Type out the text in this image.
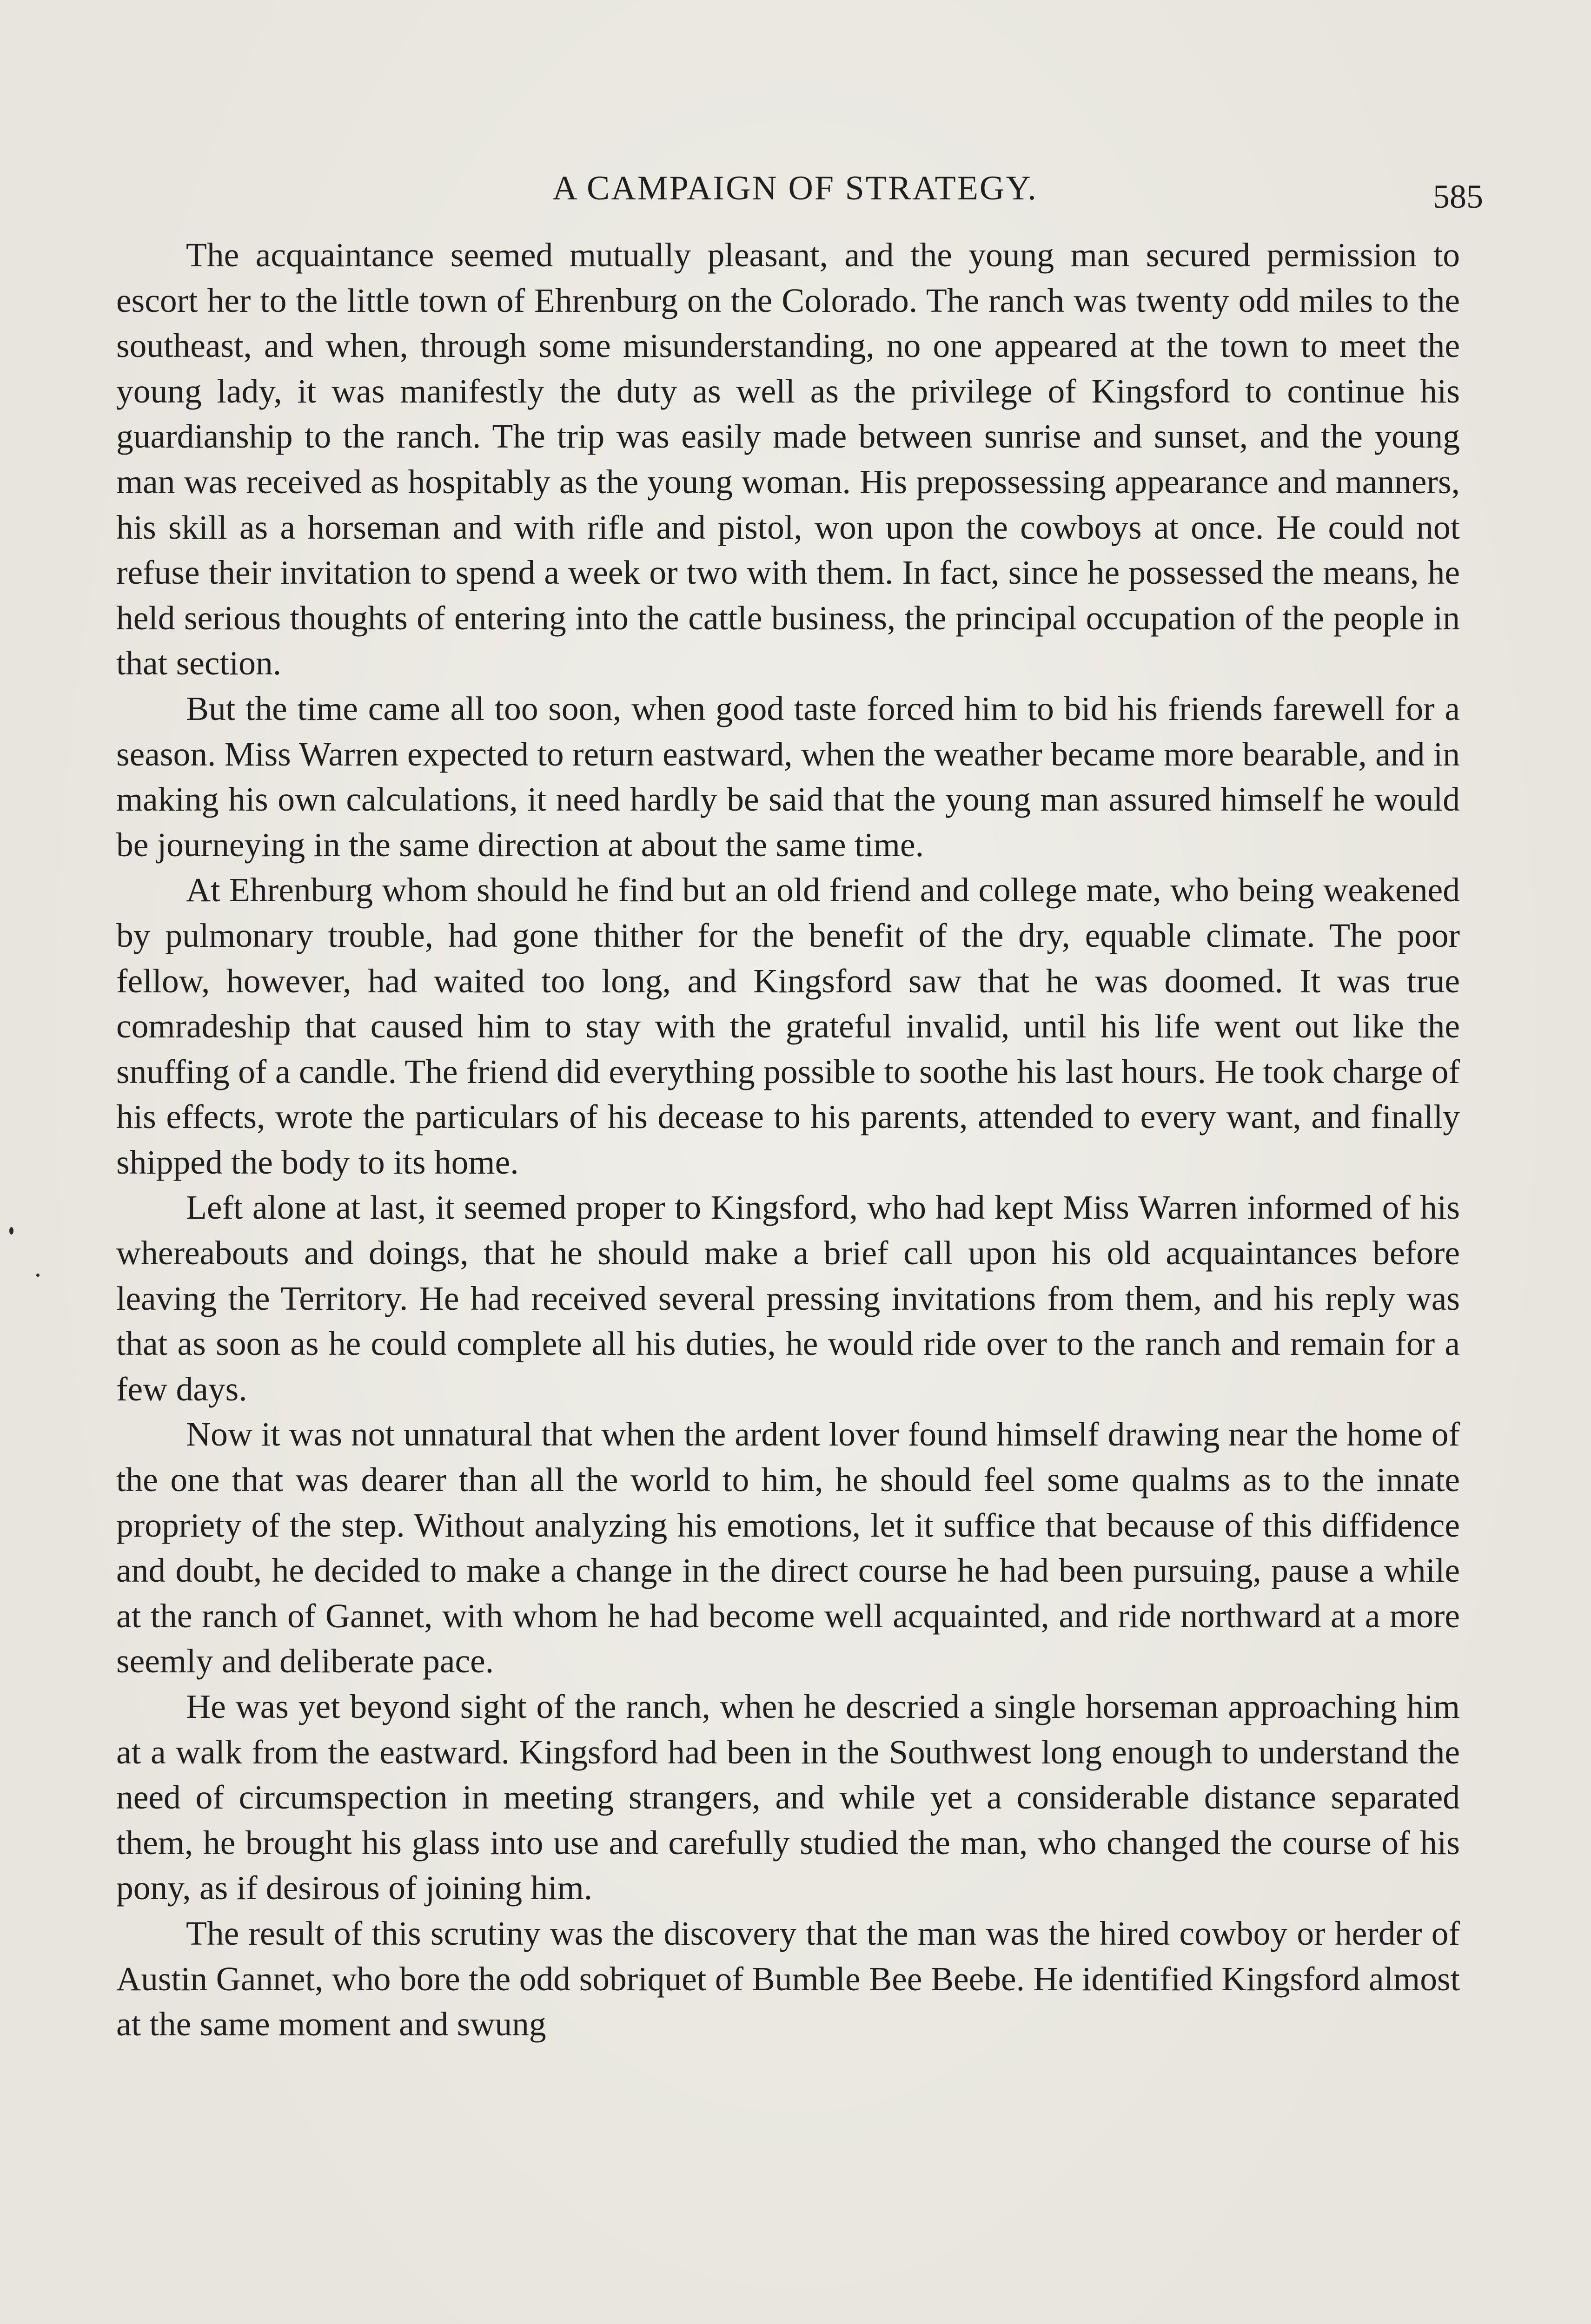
A CAMPAIGN OF STRATEGY.	585

The acquaintance seemed mutually pleasant, and the young man secured permission to escort her to the little town of Ehrenburg on the Colorado. The ranch was twenty odd miles to the southeast, and when, through some misunderstanding, no one appeared at the town to meet the young lady, it was manifestly the duty as well as the privilege of Kingsford to continue his guardianship to the ranch. The trip was easily made between sunrise and sunset, and the young man was received as hospitably as the young woman. His prepossessing appearance and manners, his skill as a horseman and with rifle and pistol, won upon the cowboys at once. He could not refuse their invitation to spend a week or two with them. In fact, since he possessed the means, he held serious thoughts of entering into the cattle business, the principal occupation of the people in that section.

But the time came all too soon, when good taste forced him to bid his friends farewell for a season. Miss Warren expected to return eastward, when the weather became more bearable, and in making his own calculations, it need hardly be said that the young man assured himself he would be journeying in the same direction at about the same time.

At Ehrenburg whom should he find but an old friend and college mate, who being weakened by pulmonary trouble, had gone thither for the benefit of the dry, equable climate. The poor fellow, however, had waited too long, and Kingsford saw that he was doomed. It was true comradeship that caused him to stay with the grateful invalid, until his life went out like the snuffing of a candle. The friend did everything possible to soothe his last hours. He took charge of his effects, wrote the particulars of his decease to his parents, attended to every want, and finally shipped the body to its home.

Left alone at last, it seemed proper to Kingsford, who had kept Miss Warren informed of his whereabouts and doings, that he should make a brief call upon his old acquaintances before leaving the Territory. He had received several pressing invitations from them, and his reply was that as soon as he could complete all his duties, he would ride over to the ranch and remain for a few days.

Now it was not unnatural that when the ardent lover found himself drawing near the home of the one that was dearer than all the world to him, he should feel some qualms as to the innate propriety of the step. Without analyzing his emotions, let it suffice that because of this diffidence and doubt, he decided to make a change in the direct course he had been pursuing, pause a while at the ranch of Gannet, with whom he had become well acquainted, and ride northward at a more seemly and deliberate pace.

He was yet beyond sight of the ranch, when he descried a single horseman approaching him at a walk from the eastward. Kingsford had been in the Southwest long enough to understand the need of circumspection in meeting strangers, and while yet a considerable distance separated them, he brought his glass into use and carefully studied the man, who changed the course of his pony, as if desirous of joining him.

The result of this scrutiny was the discovery that the man was the hired cowboy or herder of Austin Gannet, who bore the odd sobriquet of Bumble Bee Beebe. He identified Kingsford almost at the same moment and swung
